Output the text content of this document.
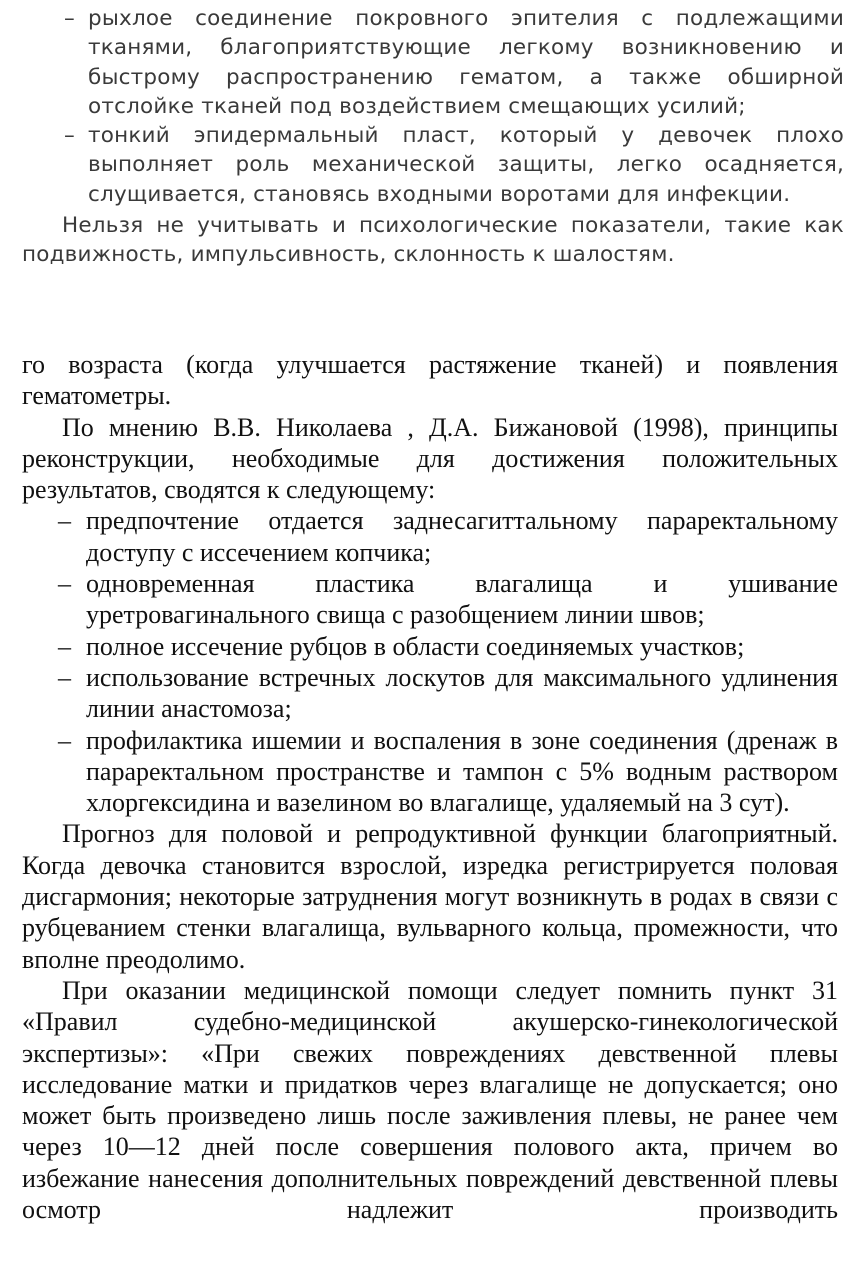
– рыхлое соединение покровного эпителия с подлежащими тканями, благоприятствующие легкому возникновению и быстрому распространению гематом, а также обширной отслойке тканей под воздействием смещающих усилий;
– тонкий эпидермальный пласт, который у девочек плохо выполняет роль механической защиты, легко осадняется, слущивается, становясь входными воротами для инфекции.
Нельзя не учитывать и психологические показатели, такие как подвижность, импульсивность, склонность к шалостям.

го возраста (когда улучшается растяжение тканей) и появления гематометры.

По мнению В.В. Николаева , Д.А. Бижановой (1998), принципы реконструкции, необходимые для достижения положительных результатов, сводятся к следующему:

– предпочтение отдается заднесагиттальному параректальному доступу с иссечением копчика;
– одновременная пластика влагалища и ушивание уретровагинального свища с разобщением линии швов;
– полное иссечение рубцов в области соединяемых участков;
– использование встречных лоскутов для максимального удлинения линии анастомоза;
– профилактика ишемии и воспаления в зоне соединения (дренаж в параректальном пространстве и тампон с 5% водным раствором хлоргексидина и вазелином во влагалище, удаляемый на 3 сут).

Прогноз для половой и репродуктивной функции благоприятный. Когда девочка становится взрослой, изредка регистрируется половая дисгармония; некоторые затруднения могут возникнуть в родах в связи с рубцеванием стенки влагалища, вульварного кольца, промежности, что вполне преодолимо.

При оказании медицинской помощи следует помнить пункт 31 «Правил судебно-медицинской акушерско-гинекологической экспертизы»: «При свежих повреждениях девственной плевы исследование матки и придатков через влагалище не допускается; оно может быть произведено лишь после заживления плевы, не ранее чем через 10—12 дней после совершения полового акта, причем во избежание нанесения дополнительных повреждений девственной плевы осмотр надлежит производить
